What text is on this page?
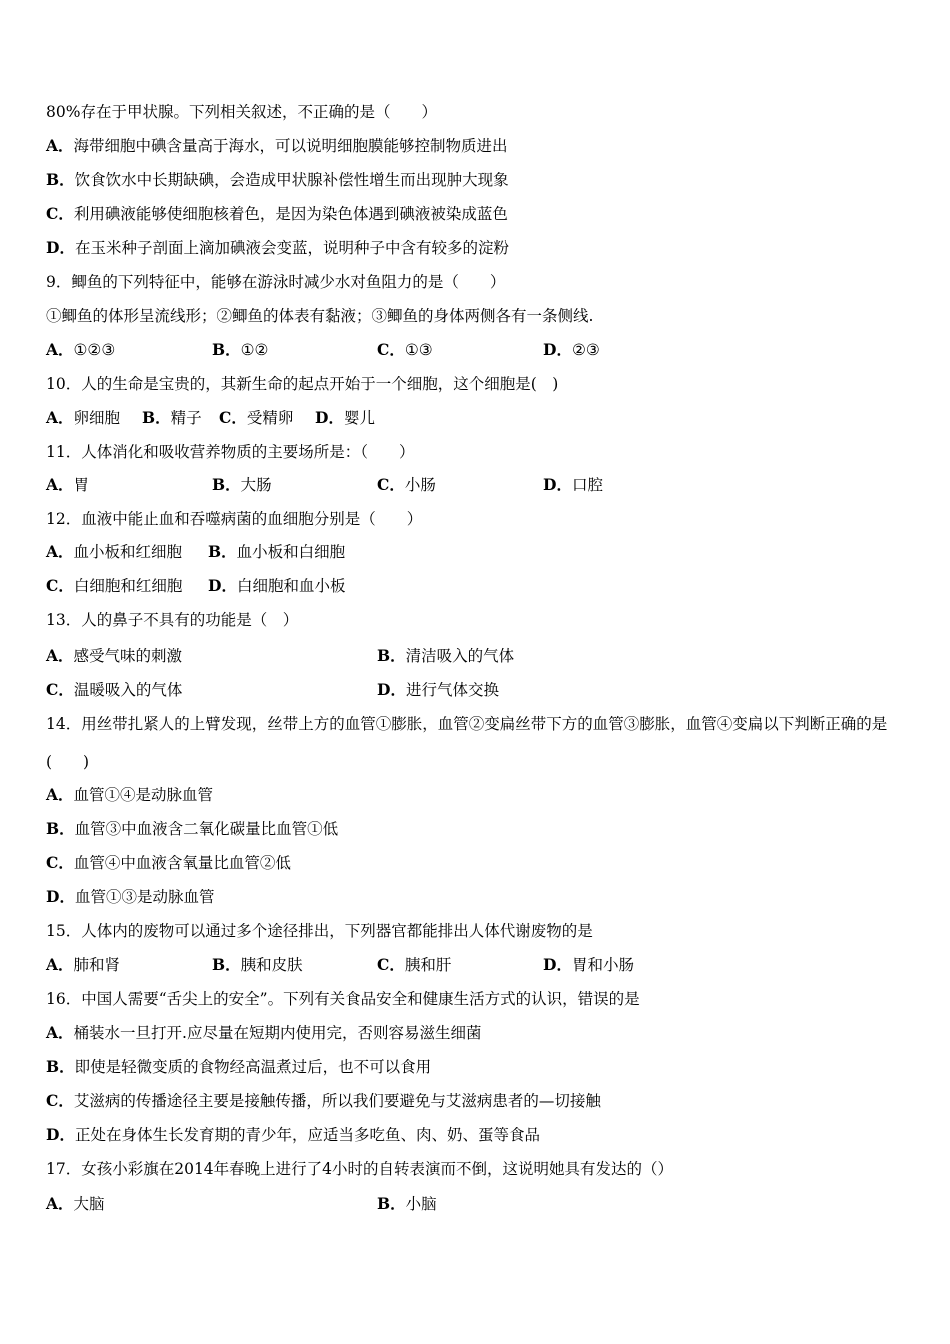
80%存在于甲状腺。下列相关叙述，不正确的是（　　）
A．海带细胞中碘含量高于海水，可以说明细胞膜能够控制物质进出
B．饮食饮水中长期缺碘，会造成甲状腺补偿性增生而出现肿大现象
C．利用碘液能够使细胞核着色，是因为染色体遇到碘液被染成蓝色
D．在玉米种子剖面上滴加碘液会变蓝，说明种子中含有较多的淀粉
9．鲫鱼的下列特征中，能够在游泳时减少水对鱼阻力的是（　　）
①鲫鱼的体形呈流线形；②鲫鱼的体表有黏液；③鲫鱼的身体两侧各有一条侧线.
A．①②③	B．①②	C．①③	D．②③
10．人的生命是宝贵的，其新生命的起点开始于一个细胞，这个细胞是(　)
A．卵细胞 B．精子 C．受精卵 D．婴儿
11．人体消化和吸收营养物质的主要场所是：（　　）
A．胃	B．大肠	C．小肠	D．口腔
12．血液中能止血和吞噬病菌的血细胞分别是（　　）
A．血小板和红细胞 B．血小板和白细胞
C．白细胞和红细胞 D．白细胞和血小板
13．人的鼻子不具有的功能是（　）
A．感受气味的刺激	B．清洁吸入的气体
C．温暖吸入的气体	D．进行气体交换
14．用丝带扎紧人的上臂发现，丝带上方的血管①膨胀，血管②变扁丝带下方的血管③膨胀，血管④变扁以下判断正确的是(　　)
A．血管①④是动脉血管
B．血管③中血液含二氧化碳量比血管①低
C．血管④中血液含氧量比血管②低
D．血管①③是动脉血管
15．人体内的废物可以通过多个途径排出，下列器官都能排出人体代谢废物的是
A．肺和肾	B．胰和皮肤	C．胰和肝	D．胃和小肠
16．中国人需要“舌尖上的安全”。下列有关食品安全和健康生活方式的认识，错误的是
A．桶装水一旦打开.应尽量在短期内使用完，否则容易滋生细菌
B．即使是轻微变质的食物经高温煮过后，也不可以食用
C．艾滋病的传播途径主要是接触传播，所以我们要避免与艾滋病患者的—切接触
D．正处在身体生长发育期的青少年，应适当多吃鱼、肉、奶、蛋等食品
17．女孩小彩旗在2014年春晚上进行了4小时的自转表演而不倒，这说明她具有发达的（）
A．大脑	B．小脑
